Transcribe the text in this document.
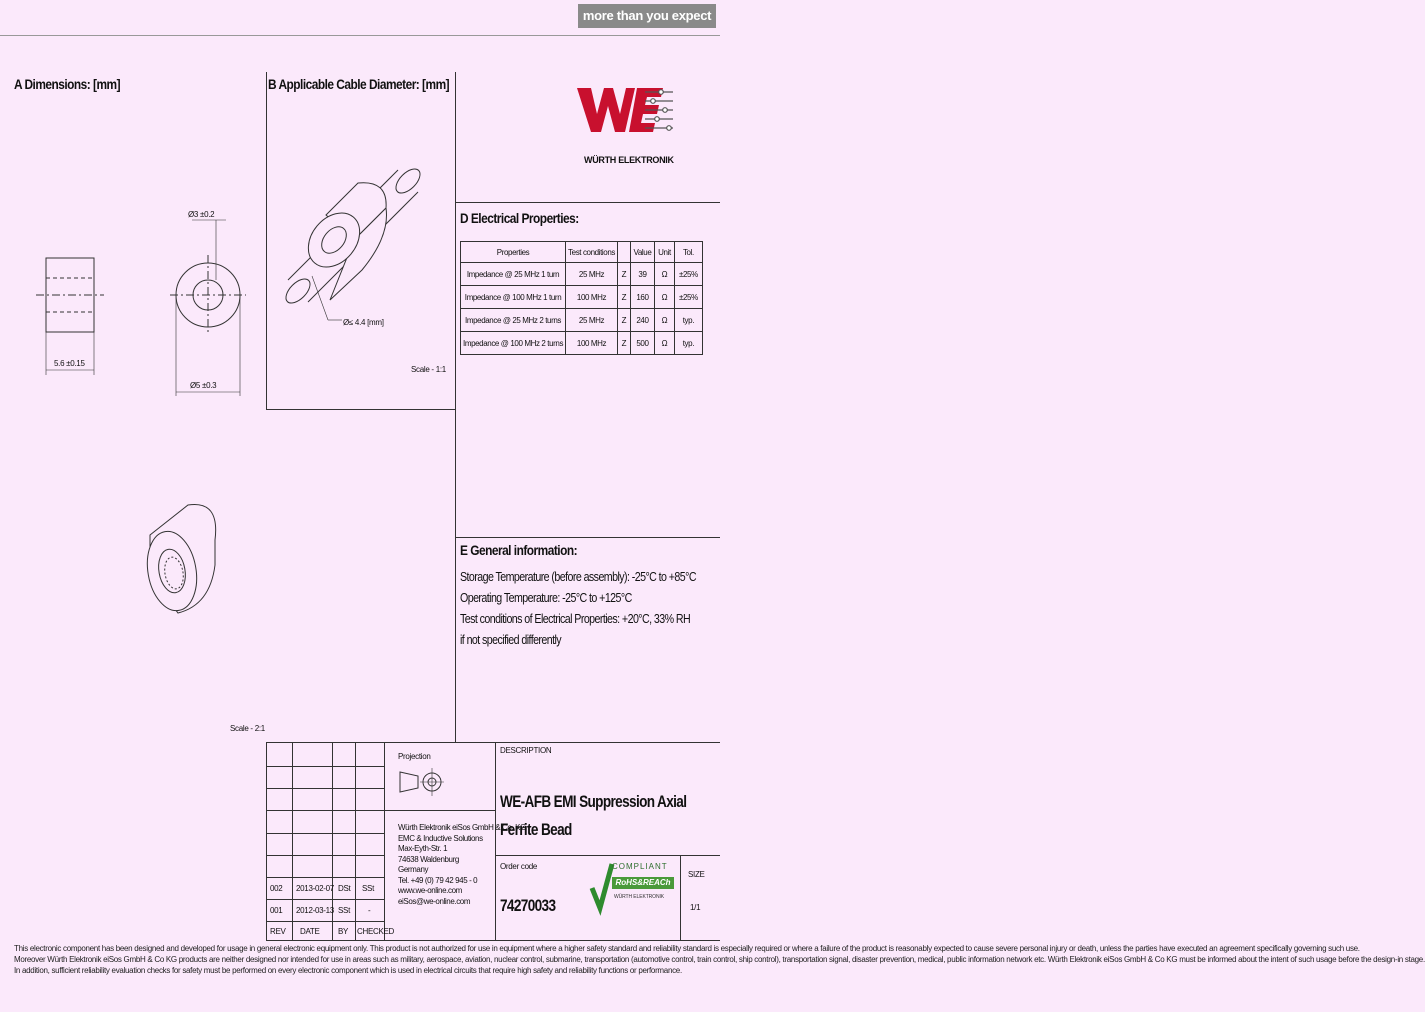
more than you expect
A Dimensions: [mm]	B Applicable Cable Diameter: [mm]
D Electrical Properties:
E General information:
Ø3 ±0.2
5.6 ±0.15
Ø5 ±0.3
Ø≤ 4.4 [mm]
Scale - 1:1
Scale - 2:1
WÜRTH ELEKTRONIK
Properties	Test conditions		Value	Unit	Tol.
Impedance @ 25 MHz 1 turn	25 MHz	Z	39	Ω	±25%
Impedance @ 100 MHz 1 turn	100 MHz	Z	160	Ω	±25%
Impedance @ 25 MHz 2 turns	25 MHz	Z	240	Ω	typ.
Impedance @ 100 MHz 2 turns	100 MHz	Z	500	Ω	typ.
Storage Temperature (before assembly): -25°C to +85°C
Operating Temperature: -25°C to +125°C
Test conditions of Electrical Properties: +20°C, 33% RH
if not specified differently
002 2013-02-07 DSt SSt
001 2012-03-13 SSt -
REV DATE BY CHECKED
Projection
Würth Elektronik eiSos GmbH & Co. KG
EMC & Inductive Solutions
Max-Eyth-Str. 1
74638 Waldenburg
Germany
Tel. +49 (0) 79 42 945 - 0
www.we-online.com
eiSos@we-online.com
DESCRIPTION
WE-AFB EMI Suppression Axial Ferrite Bead
Order code
74270033
SIZE
1/1
COMPLIANT
RoHS&REACh
WÜRTH ELEKTRONIK
This electronic component has been designed and developed for usage in general electronic equipment only. This product is not authorized for use in equipment where a higher safety standard and reliability standard is especially required or where a failure of the product is reasonably expected to cause severe personal injury or death, unless the parties have executed an agreement specifically governing such use.
Moreover Würth Elektronik eiSos GmbH & Co KG products are neither designed nor intended for use in areas such as military, aerospace, aviation, nuclear control, submarine, transportation (automotive control, train control, ship control), transportation signal, disaster prevention, medical, public information network etc. Würth Elektronik eiSos GmbH & Co KG must be informed about the intent of such usage before the design-in stage.
In addition, sufficient reliability evaluation checks for safety must be performed on every electronic component which is used in electrical circuits that require high safety and reliability functions or performance.
